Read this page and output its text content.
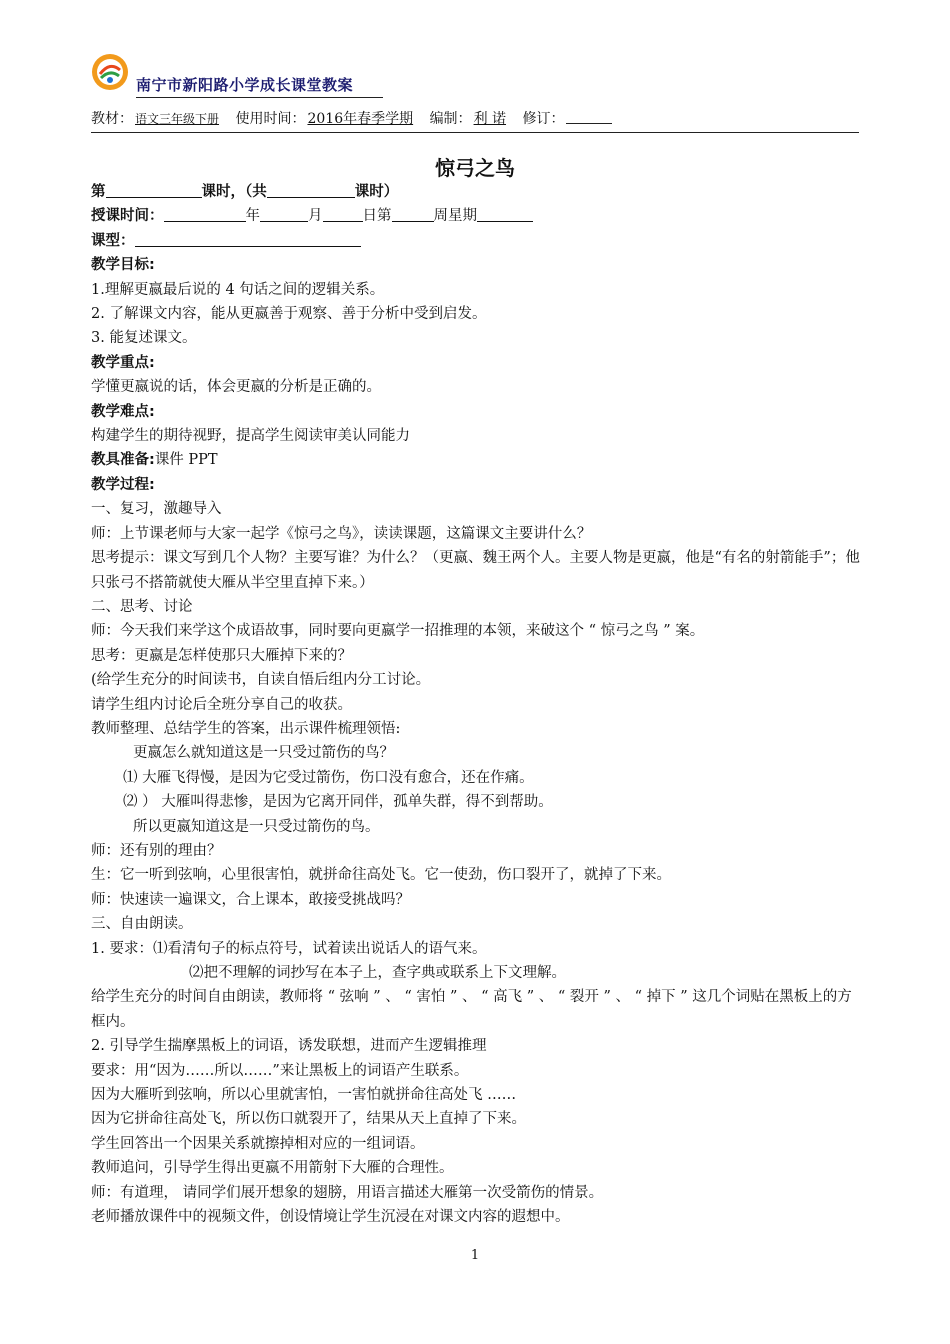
南宁市新阳路小学成长课堂教案
教材： 语文三年级下册 使用时间： 2016年春季学期 编制： 利 诺 修订：
惊弓之鸟

第	课时，（共	课时）

授课时间：	年	月	日第	周星期

课型：

教学目标:

1.理解更嬴最后说的 4 句话之间的逻辑关系。

2. 了解课文内容，能从更嬴善于观察、善于分析中受到启发。

3. 能复述课文。

教学重点:

学懂更嬴说的话，体会更嬴的分析是正确的。

教学难点:

构建学生的期待视野，提高学生阅读审美认同能力

教具准备:课件 PPT

教学过程:

一、复习，激趣导入

师：上节课老师与大家一起学《惊弓之鸟》，读读课题，这篇课文主要讲什么？

思考提示：课文写到几个人物？主要写谁？为什么？（更嬴、魏王两个人。主要人物是更嬴，他是“有名的射箭能手”；他只张弓不搭箭就使大雁从半空里直掉下来。）

二、思考、讨论

师：今天我们来学这个成语故事，同时要向更嬴学一招推理的本领，来破这个 “ 惊弓之鸟 ” 案。

思考：更嬴是怎样使那只大雁掉下来的？

(给学生充分的时间读书，自读自悟后组内分工讨论。

请学生组内讨论后全班分享自己的收获。

教师整理、总结学生的答案，出示课件梳理领悟:

更嬴怎么就知道这是一只受过箭伤的鸟？

⑴ 大雁飞得慢，是因为它受过箭伤，伤口没有愈合，还在作痛。

⑵ ） 大雁叫得悲惨，是因为它离开同伴，孤单失群，得不到帮助。

所以更嬴知道这是一只受过箭伤的鸟。

师：还有别的理由？

生：它一听到弦响，心里很害怕，就拼命往高处飞。它一使劲，伤口裂开了，就掉了下来。

师：快速读一遍课文，合上课本，敢接受挑战吗？

三、自由朗读。

1. 要求：⑴看清句子的标点符号，试着读出说话人的语气来。

⑵把不理解的词抄写在本子上，查字典或联系上下文理解。

给学生充分的时间自由朗读，教师将 “ 弦响 ” 、 “ 害怕 ” 、 “ 高飞 ” 、 “ 裂开 ” 、 “ 掉下 ” 这几个词贴在黑板上的方框内。

2. 引导学生揣摩黑板上的词语，诱发联想，进而产生逻辑推理

要求：用“因为……所以……”来让黑板上的词语产生联系。

因为大雁听到弦响，所以心里就害怕，一害怕就拼命往高处飞 ……

因为它拼命往高处飞，所以伤口就裂开了，结果从天上直掉了下来。

学生回答出一个因果关系就擦掉相对应的一组词语。

教师追问，引导学生得出更嬴不用箭射下大雁的合理性。

师：有道理， 请同学们展开想象的翅膀，用语言描述大雁第一次受箭伤的情景。

老师播放课件中的视频文件，创设情境让学生沉浸在对课文内容的遐想中。

1
